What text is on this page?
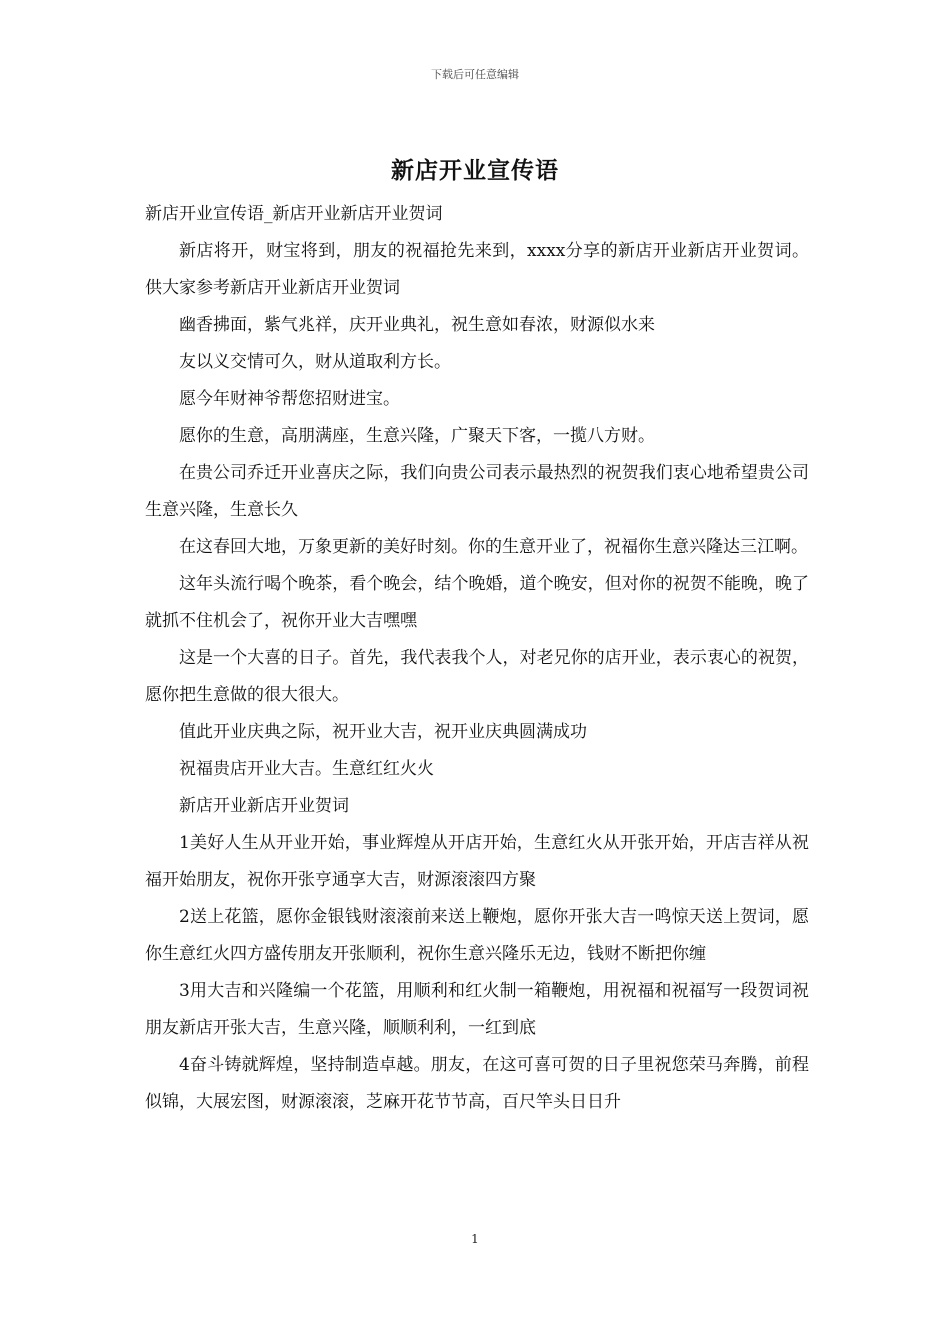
下载后可任意编辑
新店开业宣传语

新店开业宣传语_新店开业新店开业贺词

新店将开，财宝将到，朋友的祝福抢先来到，xxxx分享的新店开业新店开业贺词。供大家参考新店开业新店开业贺词

幽香拂面，紫气兆祥，庆开业典礼，祝生意如春浓，财源似水来

友以义交情可久，财从道取利方长。

愿今年财神爷帮您招财进宝。

愿你的生意，高朋满座，生意兴隆，广聚天下客，一揽八方财。

在贵公司乔迁开业喜庆之际，我们向贵公司表示最热烈的祝贺我们衷心地希望贵公司生意兴隆，生意长久

在这春回大地，万象更新的美好时刻。你的生意开业了，祝福你生意兴隆达三江啊。

这年头流行喝个晚茶，看个晚会，结个晚婚，道个晚安，但对你的祝贺不能晚，晚了就抓不住机会了，祝你开业大吉嘿嘿

这是一个大喜的日子。首先，我代表我个人，对老兄你的店开业，表示衷心的祝贺，愿你把生意做的很大很大。

值此开业庆典之际，祝开业大吉，祝开业庆典圆满成功

祝福贵店开业大吉。生意红红火火

新店开业新店开业贺词

1美好人生从开业开始，事业辉煌从开店开始，生意红火从开张开始，开店吉祥从祝福开始朋友，祝你开张亨通享大吉，财源滚滚四方聚

2送上花篮，愿你金银钱财滚滚前来送上鞭炮，愿你开张大吉一鸣惊天送上贺词，愿你生意红火四方盛传朋友开张顺利，祝你生意兴隆乐无边，钱财不断把你缠

3用大吉和兴隆编一个花篮，用顺利和红火制一箱鞭炮，用祝福和祝福写一段贺词祝朋友新店开张大吉，生意兴隆，顺顺利利，一红到底

4奋斗铸就辉煌，坚持制造卓越。朋友，在这可喜可贺的日子里祝您荣马奔腾，前程似锦，大展宏图，财源滚滚，芝麻开花节节高，百尺竿头日日升

1
